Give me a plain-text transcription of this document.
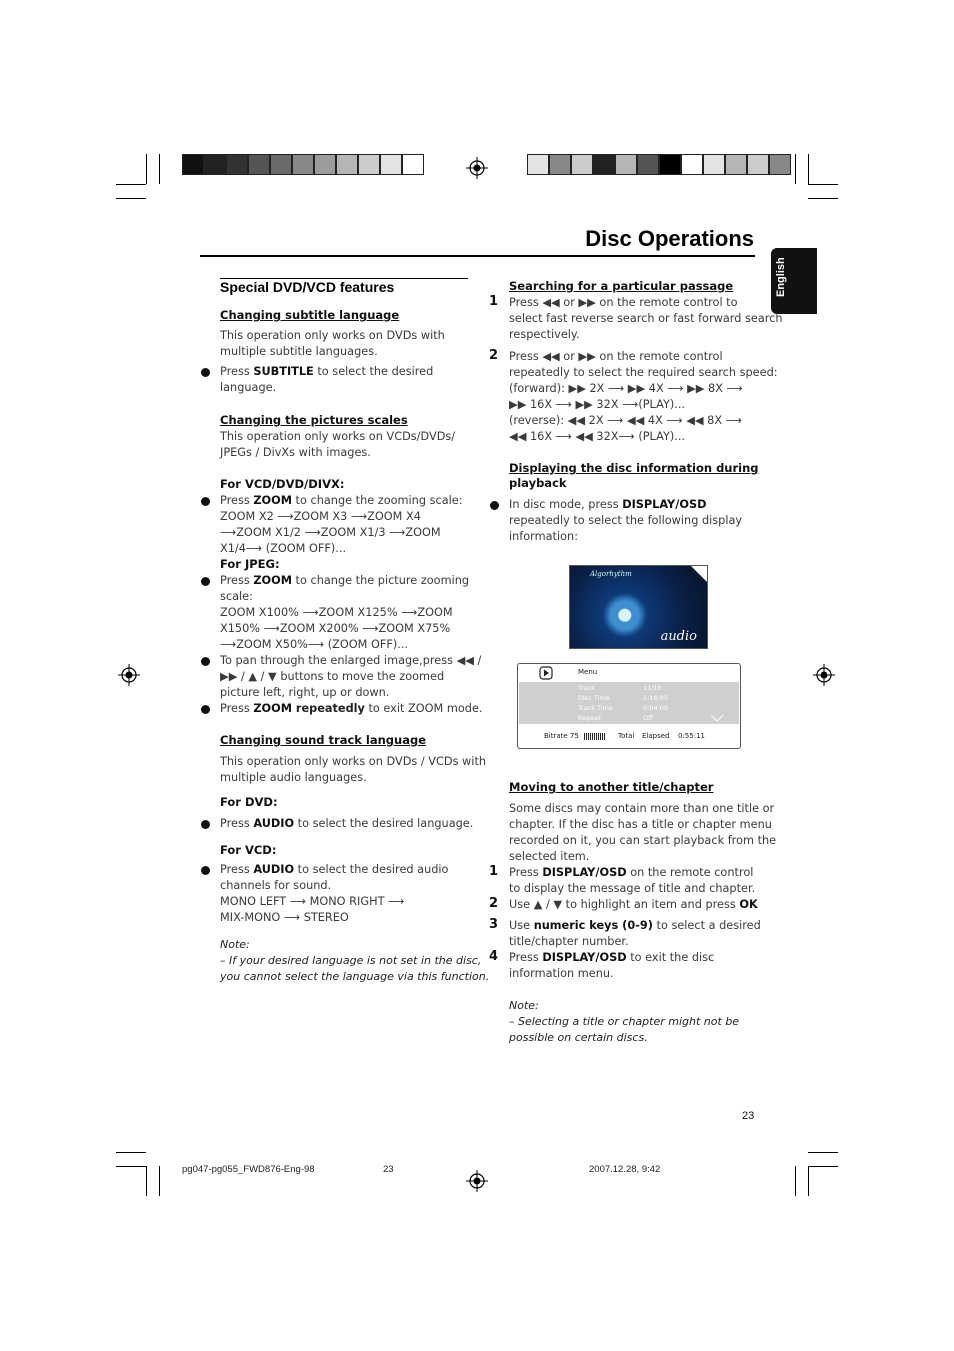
Disc Operations
English
Special DVD/VCD features
Changing subtitle language
This operation only works on DVDs with
multiple subtitle languages.
Press SUBTITLE to select the desired
language.
Changing the pictures scales
This operation only works on VCDs/DVDs/
JPEGs / DivXs with images.
For VCD/DVD/DIVX:
Press ZOOM to change the zooming scale:
ZOOM X2 ⟶ZOOM X3 ⟶ZOOM X4
⟶ZOOM X1/2 ⟶ZOOM X1/3 ⟶ZOOM
X1/4⟶ (ZOOM OFF)...
For JPEG:
Press ZOOM to change the picture zooming
scale:
ZOOM X100% ⟶ZOOM X125% ⟶ZOOM
X150% ⟶ZOOM X200% ⟶ZOOM X75%
⟶ZOOM X50%⟶ (ZOOM OFF)...
To pan through the enlarged image,press ◀◀ /
▶▶ / ▲ / ▼ buttons to move the zoomed
picture left, right, up or down.
Press ZOOM repeatedly to exit ZOOM mode.
Changing sound track language
This operation only works on DVDs / VCDs with
multiple audio languages.
For DVD:
Press AUDIO to select the desired language.
For VCD:
Press AUDIO to select the desired audio
channels for sound.
MONO LEFT ⟶ MONO RIGHT ⟶
MIX-MONO ⟶ STEREO
Note:
– If your desired language is not set in the disc,
you cannot select the language via this function.
Searching for a particular passage
1 Press ◀◀ or ▶▶ on the remote control to
select fast reverse search or fast forward search
respectively.
2 Press ◀◀ or ▶▶ on the remote control
repeatedly to select the required search speed:
(forward): ▶▶ 2X ⟶ ▶▶ 4X ⟶ ▶▶ 8X ⟶
▶▶ 16X ⟶ ▶▶ 32X ⟶(PLAY)...
(reverse): ◀◀ 2X ⟶ ◀◀ 4X ⟶ ◀◀ 8X ⟶
◀◀ 16X ⟶ ◀◀ 32X⟶ (PLAY)...
Displaying the disc information during
playback
In disc mode, press DISPLAY/OSD
repeatedly to select the following display
information:
Algorhythm
audio
Menu
Track	11/16
Disc Time	1:16:05
Track Time	0:04:05
Repeat	Off
Bitrate 75	Total Elapsed 0:55:11
Moving to another title/chapter
Some discs may contain more than one title or
chapter. If the disc has a title or chapter menu
recorded on it, you can start playback from the
selected item.
1 Press DISPLAY/OSD on the remote control
to display the message of title and chapter.
2 Use ▲ / ▼ to highlight an item and press OK
3 Use numeric keys (0-9) to select a desired
title/chapter number.
4 Press DISPLAY/OSD to exit the disc
information menu.
Note:
– Selecting a title or chapter might not be
possible on certain discs.
23
pg047-pg055_FWD876-Eng-98	23	2007.12.28, 9:42
